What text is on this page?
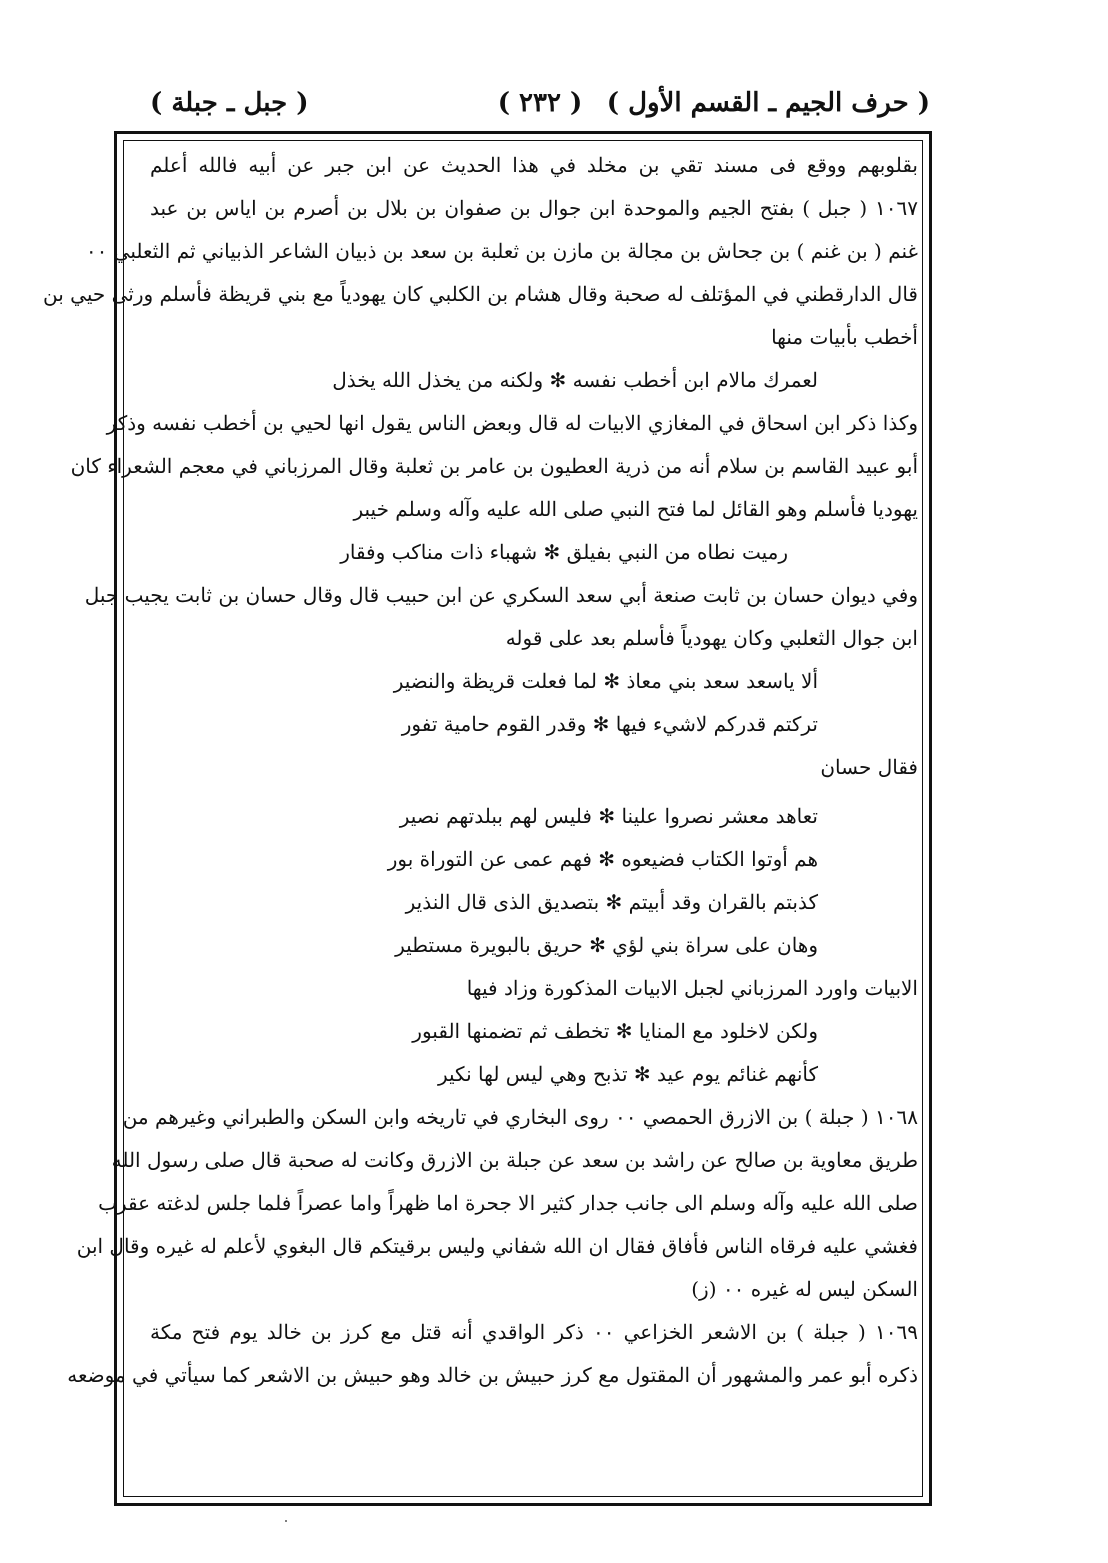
( حرف الجيم ـ القسم الأول )
( ٢٣٢ )
( جبل ـ جبلة )
بقلوبهم ووقع فى مسند تقي بن مخلد في هذا الحديث عن ابن جبر عن أبيه فالله أعلم
١٠٦٧ ( جبل ) بفتح الجيم والموحدة ابن جوال بن صفوان بن بلال بن أصرم بن اياس بن عبد
غنم ( بن غنم ) بن جحاش بن مجالة بن مازن بن ثعلبة بن سعد بن ذبيان الشاعر الذبياني ثم الثعلبي ٠٠
قال الدارقطني في المؤتلف له صحبة وقال هشام بن الكلبي كان يهودياً مع بني قريظة فأسلم ورثى حيي بن
أخطب بأبيات منها
لعمرك مالام ابن أخطب نفسه ✻ ولكنه من يخذل الله يخذل
وكذا ذكر ابن اسحاق في المغازي الابيات له قال وبعض الناس يقول انها لحيي بن أخطب نفسه وذكر
أبو عبيد القاسم بن سلام أنه من ذرية العطيون بن عامر بن ثعلبة وقال المرزباني في معجم الشعراء كان
يهوديا فأسلم وهو القائل لما فتح النبي صلى الله عليه وآله وسلم خيبر
رميت نطاه من النبي بفيلق ✻ شهباء ذات مناكب وفقار
وفي ديوان حسان بن ثابت صنعة أبي سعد السكري عن ابن حبيب قال وقال حسان بن ثابت يجيب جبل
ابن جوال الثعلبي وكان يهودياً فأسلم بعد على قوله
ألا ياسعد سعد بني معاذ ✻ لما فعلت قريظة والنضير
تركتم قدركم لاشيء فيها ✻ وقدر القوم حامية تفور
فقال حسان
تعاهد معشر نصروا علينا ✻ فليس لهم ببلدتهم نصير
هم أوتوا الكتاب فضيعوه ✻ فهم عمى عن التوراة بور
كذبتم بالقران وقد أبيتم ✻ بتصديق الذى قال النذير
وهان على سراة بني لؤي ✻ حريق بالبويرة مستطير
الابيات واورد المرزباني لجبل الابيات المذكورة وزاد فيها
ولكن لاخلود مع المنايا ✻ تخطف ثم تضمنها القبور
كأنهم غنائم يوم عيد ✻ تذبح وهي ليس لها نكير
١٠٦٨ ( جبلة ) بن الازرق الحمصي ٠٠ روى البخاري في تاريخه وابن السكن والطبراني وغيرهم من
طريق معاوية بن صالح عن راشد بن سعد عن جبلة بن الازرق وكانت له صحبة قال صلى رسول الله
صلى الله عليه وآله وسلم الى جانب جدار كثير الا جحرة اما ظهراً واما عصراً فلما جلس لدغته عقرب
فغشي عليه فرقاه الناس فأفاق فقال ان الله شفاني وليس برقيتكم قال البغوي لأعلم له غيره وقال ابن
السكن ليس له غيره ٠٠ (ز)
١٠٦٩ ( جبلة ) بن الاشعر الخزاعي ٠٠ ذكر الواقدي أنه قتل مع كرز بن خالد يوم فتح مكة
ذكره أبو عمر والمشهور أن المقتول مع كرز حبيش بن خالد وهو حبيش بن الاشعر كما سيأتي في موضعه
